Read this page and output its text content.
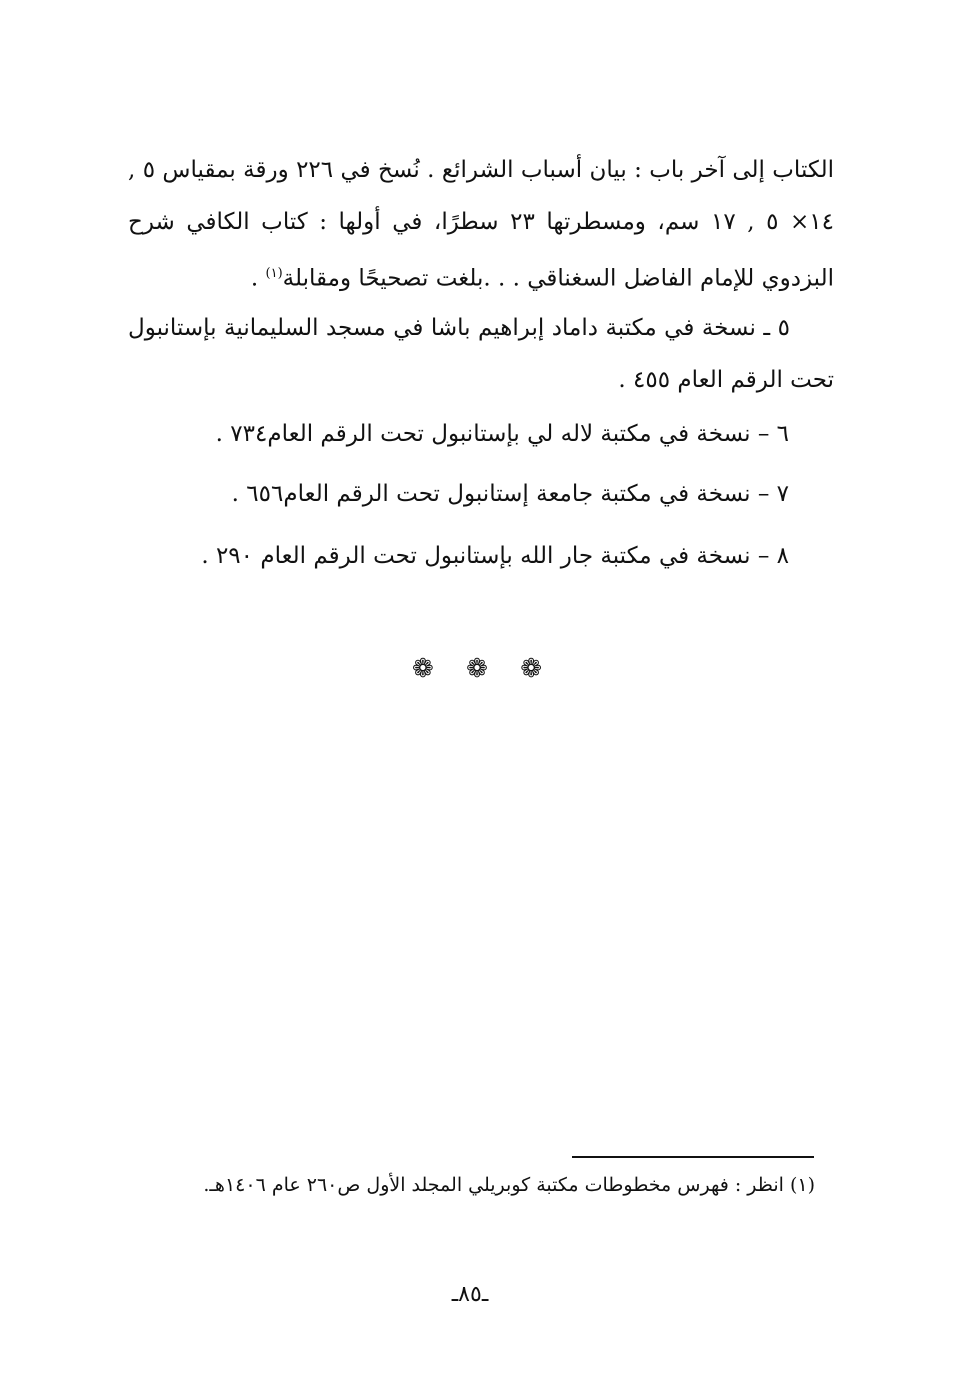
الكتاب إلى آخر باب : بيان أسباب الشرائع . نُسخ في ٢٢٦ ورقة بمقياس ٥ , ١٤× ٥ , ١٧ سم، ومسطرتها ٢٣ سطرًا، في أولها : كتاب الكافي شرح البزدوي للإمام الفاضل السغناقي . . .بلغت تصحيحًا ومقابلة$^{(١)}$ .

٥ ـ نسخة في مكتبة داماد إبراهيم باشا في مسجد السليمانية بإستانبول تحت الرقم العام ٤٥٥ .

٦ – نسخة في مكتبة لاله لي بإستانبول تحت الرقم العام٧٣٤ .

٧ – نسخة في مكتبة جامعة إستانبول تحت الرقم العام٦٥٦ .

٨ – نسخة في مكتبة جار الله بإستانبول تحت الرقم العام ٢٩٠ .

❁ ❁ ❁

(١) انظر : فهرس مخطوطات مكتبة كوبريلي المجلد الأول ص٢٦٠ عام ١٤٠٦هـ.

ـ٨٥ـ
